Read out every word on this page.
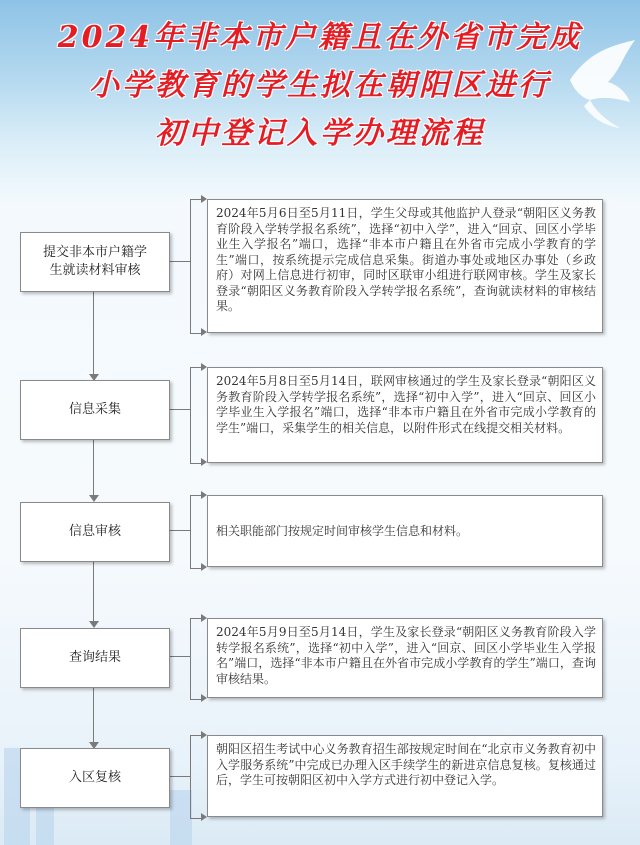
2024年非本市户籍且在外省市完成
小学教育的学生拟在朝阳区进行
初中登记入学办理流程
提交非本市户籍学生就读材料审核
信息采集
信息审核
查询结果
入区复核
2024年5月6日至5月11日，学生父母或其他监护人登录“朝阳区义务教育阶段入学转学报名系统”，选择“初中入学”，进入“回京、回区小学毕业生入学报名”端口，选择“非本市户籍且在外省市完成小学教育的学生”端口，按系统提示完成信息采集。街道办事处或地区办事处（乡政府）对网上信息进行初审，同时区联审小组进行联网审核。学生及家长登录“朝阳区义务教育阶段入学转学报名系统”，查询就读材料的审核结果。
2024年5月8日至5月14日，联网审核通过的学生及家长登录“朝阳区义务教育阶段入学转学报名系统”，选择“初中入学”，进入“回京、回区小学毕业生入学报名”端口，选择“非本市户籍且在外省市完成小学教育的学生”端口，采集学生的相关信息，以附件形式在线提交相关材料。
相关职能部门按规定时间审核学生信息和材料。
2024年5月9日至5月14日，学生及家长登录“朝阳区义务教育阶段入学转学报名系统”，选择“初中入学”，进入“回京、回区小学毕业生入学报名”端口，选择“非本市户籍且在外省市完成小学教育的学生”端口，查询审核结果。
朝阳区招生考试中心义务教育招生部按规定时间在“北京市义务教育初中入学服务系统”中完成已办理入区手续学生的新进京信息复核。复核通过后，学生可按朝阳区初中入学方式进行初中登记入学。
